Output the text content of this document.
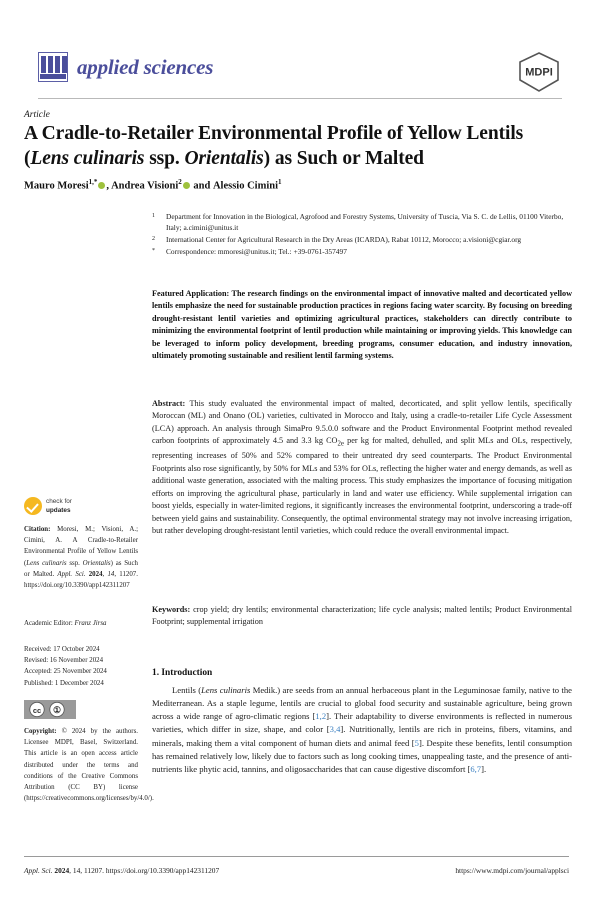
applied sciences	MDPI
Article
A Cradle-to-Retailer Environmental Profile of Yellow Lentils
(Lens culinaris ssp. Orientalis) as Such or Malted
Mauro Moresi$^{1,*}$ , Andrea Visioni$^2$ and Alessio Cimini$^1$
1	Department for Innovation in the Biological, Agrofood and Forestry Systems, University of Tuscia, Via S. C. de Lellis, 01100 Viterbo, Italy; a.cimini@unitus.it
2	International Center for Agricultural Research in the Dry Areas (ICARDA), Rabat 10112, Morocco; a.visioni@cgiar.org
*	Correspondence: mmoresi@unitus.it; Tel.: +39-0761-357497
Featured Application: The research findings on the environmental impact of innovative malted and decorticated yellow lentils emphasize the need for sustainable production practices in regions facing water scarcity. By focusing on breeding drought-resistant lentil varieties and optimizing agricultural practices, stakeholders can directly contribute to minimizing the environmental footprint of lentil production while maintaining or improving yields. This knowledge can be leveraged to inform policy development, breeding programs, consumer education, and industry innovation, ultimately promoting sustainable and resilient lentil farming systems.
Abstract: This study evaluated the environmental impact of malted, decorticated, and split yellow lentils, specifically Moroccan (ML) and Onano (OL) varieties, cultivated in Morocco and Italy, using a cradle-to-retailer Life Cycle Assessment (LCA) approach. An analysis through SimaPro 9.5.0.0 software and the Product Environmental Footprint method revealed carbon footprints of approximately 4.5 and 3.3 kg $CO_{2e}$ per kg for malted, dehulled, and split MLs and OLs, respectively, representing increases of 50% and 52% compared to their untreated dry seed counterparts. The Product Environmental Footprints also rose significantly, by 50% for MLs and 53% for OLs, reflecting the higher water and energy demands, as well as additional waste generation, associated with the malting process. This study emphasizes the importance of focusing mitigation efforts on improving the agricultural phase, particularly in land and water use efficiency. While supplemental irrigation can boost yields, especially in water-limited regions, it significantly increases the environmental footprint, underscoring a trade-off between yield gains and sustainability. Consequently, the optimal environmental strategy may not involve increasing irrigation, but rather developing drought-resistant lentil varieties, which could reduce the overall environmental impact.
Keywords: crop yield; dry lentils; environmental characterization; life cycle analysis; malted lentils; Product Environmental Footprint; supplemental irrigation
1. Introduction
Lentils (Lens culinaris Medik.) are seeds from an annual herbaceous plant in the Leguminosae family, native to the Mediterranean. As a staple legume, lentils are crucial to global food security and sustainable agriculture, being grown across a wide range of agro-climatic regions [1,2]. Their adaptability to diverse environments is reflected in numerous varieties, which differ in size, shape, and color [3,4]. Nutritionally, lentils are rich in proteins, fibers, vitamins, and minerals, making them a vital component of human diets and animal feed [5]. Despite these benefits, lentil consumption has remained relatively low, likely due to factors such as long cooking times, unappealing taste, and the presence of anti-nutrients like phytic acid, tannins, and oligosaccharides that can cause digestive discomfort [6,7].
check for
updates
Citation: Moresi, M.; Visioni, A.; Cimini, A. A Cradle-to-Retailer Environmental Profile of Yellow Lentils (Lens culinaris ssp. Orientalis) as Such or Malted. Appl. Sci. 2024, 14, 11207. https://doi.org/10.3390/app142311207
Academic Editor: Franz Jirsa
Received: 17 October 2024
Revised: 16 November 2024
Accepted: 25 November 2024
Published: 1 December 2024
cc ①
Copyright: © 2024 by the authors. Licensee MDPI, Basel, Switzerland. This article is an open access article distributed under the terms and conditions of the Creative Commons Attribution (CC BY) license (https://creativecommons.org/licenses/by/4.0/).
Appl. Sci. 2024, 14, 11207. https://doi.org/10.3390/app142311207	https://www.mdpi.com/journal/applsci
